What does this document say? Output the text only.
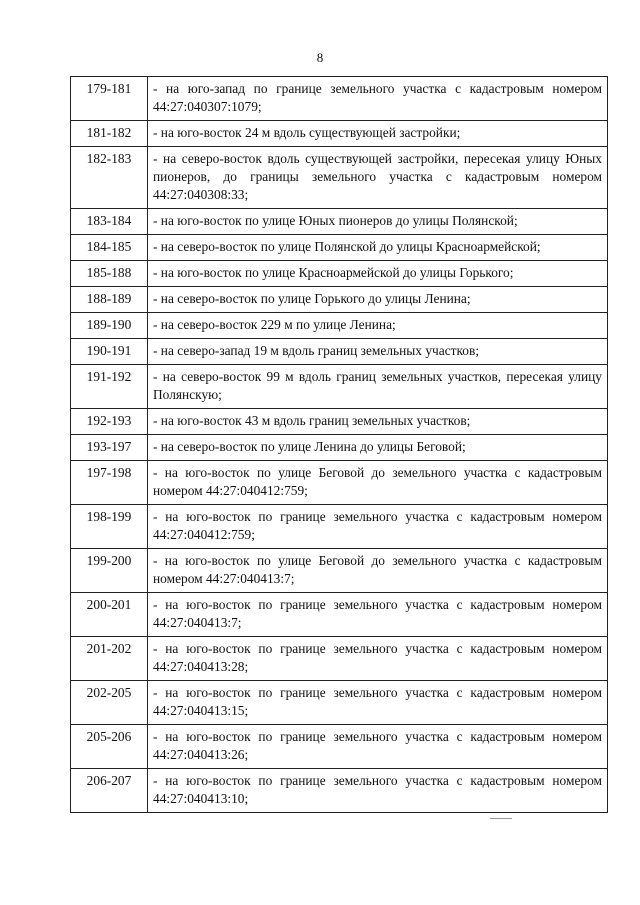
8
179-181	- на юго-запад по границе земельного участка с кадастровым номером 44:27:040307:1079;
181-182	- на юго-восток 24 м вдоль существующей застройки;
182-183	- на северо-восток вдоль существующей застройки, пересекая улицу Юных пионеров, до границы земельного участка с кадастровым номером 44:27:040308:33;
183-184	- на юго-восток по улице Юных пионеров до улицы Полянской;
184-185	- на северо-восток по улице Полянской до улицы Красноармейской;
185-188	- на юго-восток по улице Красноармейской до улицы Горького;
188-189	- на северо-восток по улице Горького до улицы Ленина;
189-190	- на северо-восток 229 м по улице Ленина;
190-191	- на северо-запад 19 м вдоль границ земельных участков;
191-192	- на северо-восток 99 м вдоль границ земельных участков, пересекая улицу Полянскую;
192-193	- на юго-восток 43 м вдоль границ земельных участков;
193-197	- на северо-восток по улице Ленина до улицы Беговой;
197-198	- на юго-восток по улице Беговой до земельного участка с кадастровым номером 44:27:040412:759;
198-199	- на юго-восток по границе земельного участка с кадастровым номером 44:27:040412:759;
199-200	- на юго-восток по улице Беговой до земельного участка с кадастровым номером 44:27:040413:7;
200-201	- на юго-восток по границе земельного участка с кадастровым номером 44:27:040413:7;
201-202	- на юго-восток по границе земельного участка с кадастровым номером 44:27:040413:28;
202-205	- на юго-восток по границе земельного участка с кадастровым номером 44:27:040413:15;
205-206	- на юго-восток по границе земельного участка с кадастровым номером 44:27:040413:26;
206-207	- на юго-восток по границе земельного участка с кадастровым номером 44:27:040413:10;
